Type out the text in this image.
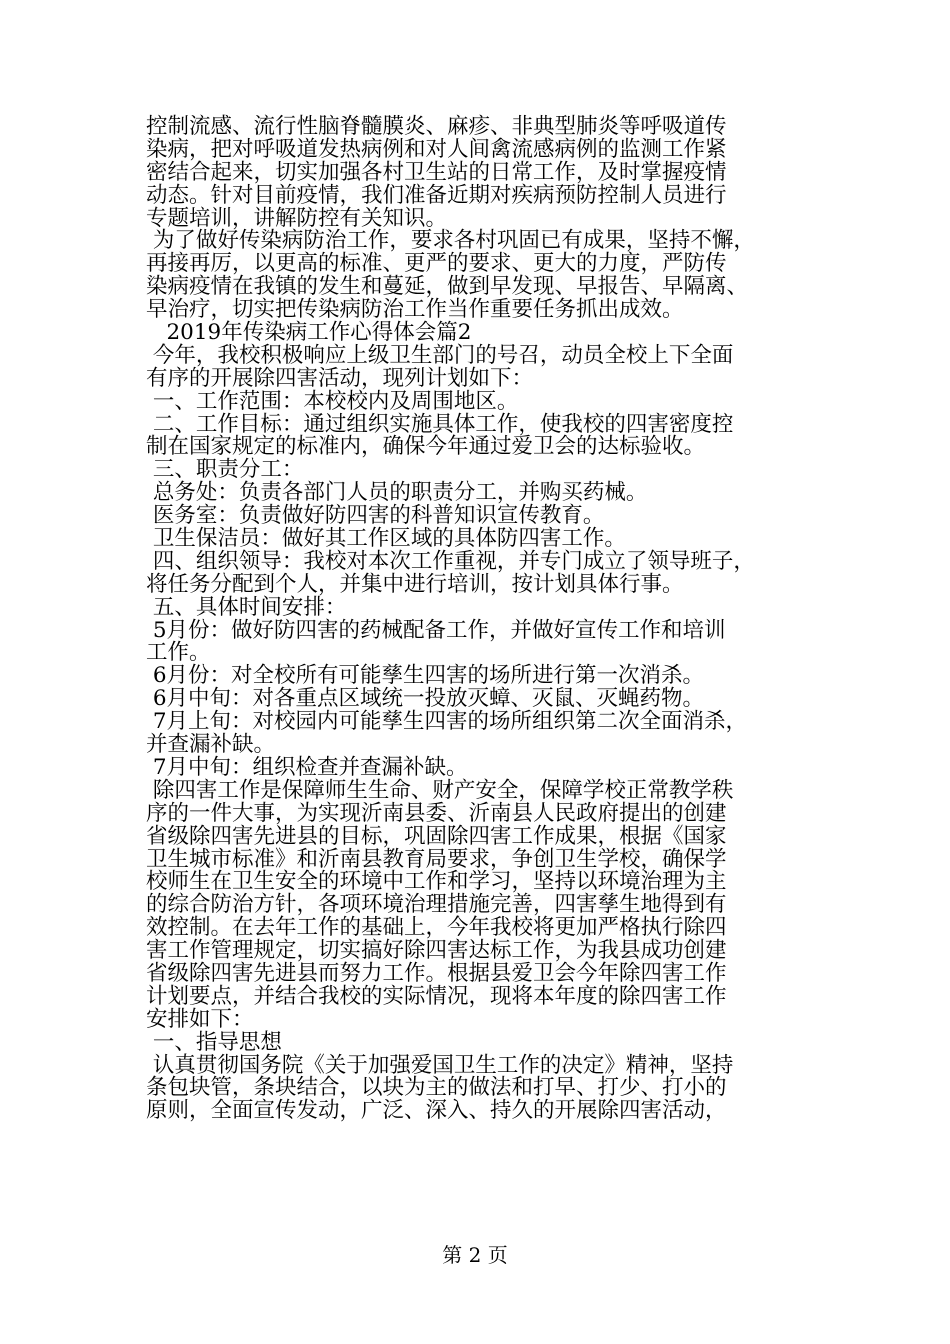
控制流感、流行性脑脊髓膜炎、麻疹、非典型肺炎等呼吸道传
染病，把对呼吸道发热病例和对人间禽流感病例的监测工作紧
密结合起来，切实加强各村卫生站的日常工作，及时掌握疫情
动态。针对目前疫情，我们准备近期对疾病预防控制人员进行
专题培训，讲解防控有关知识。
为了做好传染病防治工作，要求各村巩固已有成果，坚持不懈，
再接再厉，以更高的标准、更严的要求、更大的力度，严防传
染病疫情在我镇的发生和蔓延，做到早发现、早报告、早隔离、
早治疗，切实把传染病防治工作当作重要任务抓出成效。
2019年传染病工作心得体会篇2
今年，我校积极响应上级卫生部门的号召，动员全校上下全面
有序的开展除四害活动，现列计划如下：
一、工作范围：本校校内及周围地区。
二、工作目标：通过组织实施具体工作，使我校的四害密度控
制在国家规定的标准内，确保今年通过爱卫会的达标验收。
三、职责分工：
总务处：负责各部门人员的职责分工，并购买药械。
医务室：负责做好防四害的科普知识宣传教育。
卫生保洁员：做好其工作区域的具体防四害工作。
四、组织领导：我校对本次工作重视，并专门成立了领导班子，
将任务分配到个人，并集中进行培训，按计划具体行事。
五、具体时间安排：
5月份：做好防四害的药械配备工作，并做好宣传工作和培训
工作。
6月份：对全校所有可能孳生四害的场所进行第一次消杀。
6月中旬：对各重点区域统一投放灭蟑、灭鼠、灭蝇药物。
7月上旬：对校园内可能孳生四害的场所组织第二次全面消杀，
并查漏补缺。
7月中旬：组织检查并查漏补缺。
除四害工作是保障师生生命、财产安全，保障学校正常教学秩
序的一件大事，为实现沂南县委、沂南县人民政府提出的创建
省级除四害先进县的目标，巩固除四害工作成果，根据《国家
卫生城市标准》和沂南县教育局要求，争创卫生学校，确保学
校师生在卫生安全的环境中工作和学习，坚持以环境治理为主
的综合防治方针，各项环境治理措施完善，四害孳生地得到有
效控制。在去年工作的基础上，今年我校将更加严格执行除四
害工作管理规定，切实搞好除四害达标工作，为我县成功创建
省级除四害先进县而努力工作。根据县爱卫会今年除四害工作
计划要点，并结合我校的实际情况，现将本年度的除四害工作
安排如下：
一、指导思想
认真贯彻国务院《关于加强爱国卫生工作的决定》精神，坚持
条包块管，条块结合，以块为主的做法和打早、打少、打小的
原则，全面宣传发动，广泛、深入、持久的开展除四害活动，
第 2 页
